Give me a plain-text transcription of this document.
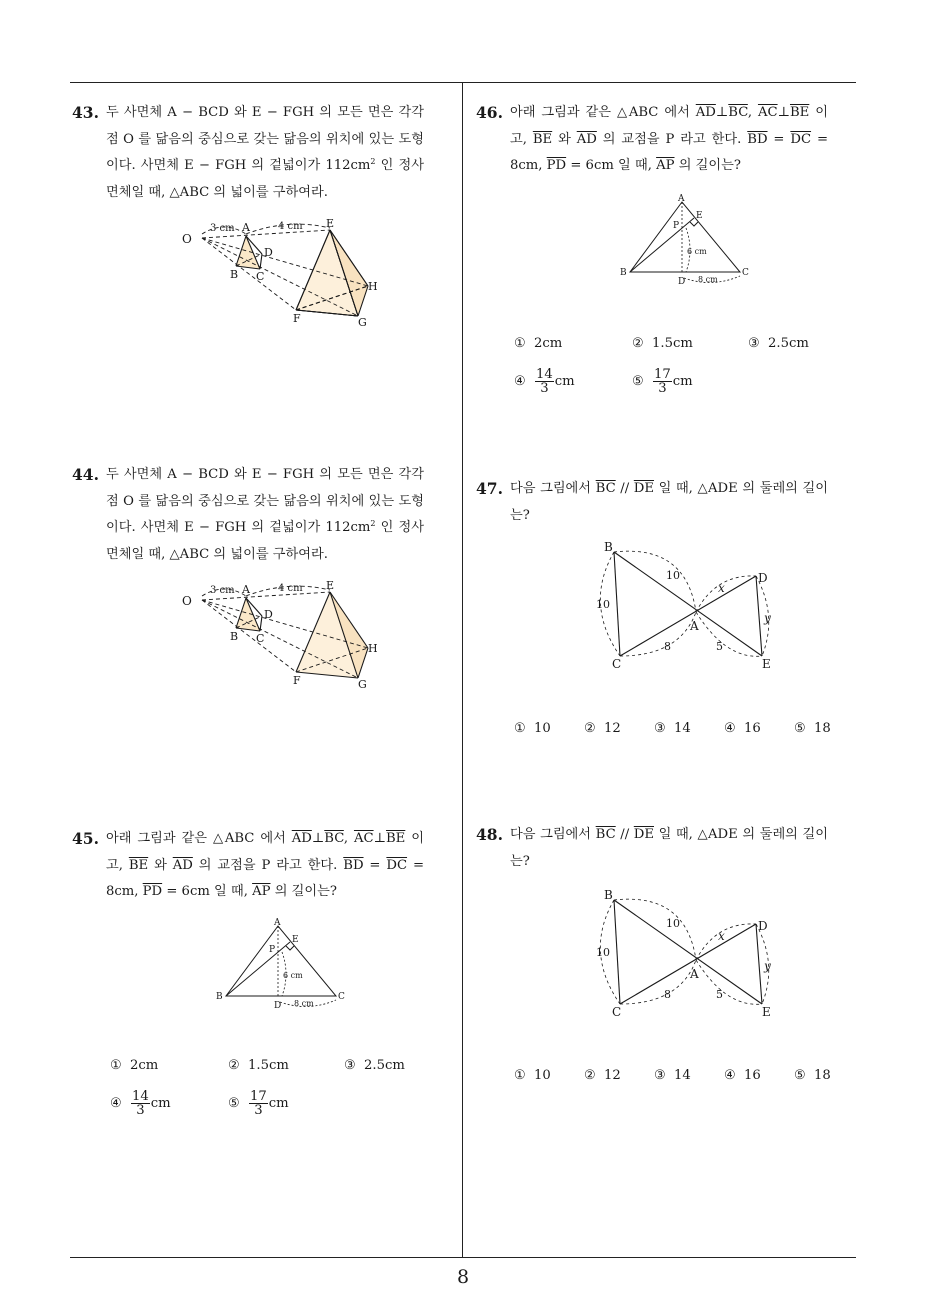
43. 두 사면체 A − BCD 와 E − FGH 의 모든 면은 각각 점 O 를 닮음의 중심으로 갖는 닮음의 위치에 있는 도형이다. 사면체 E − FGH 의 겉넓이가 $112cm^2$ 인 정사면체일 때, △ABC 의 넓이를 구하여라.
O
A
B C
D
E
F	G
H
3 cm	4 cm
44. 두 사면체 A − BCD 와 E − FGH 의 모든 면은 각각 점 O 를 닮음의 중심으로 갖는 닮음의 위치에 있는 도형이다. 사면체 E − FGH 의 겉넓이가 $112cm^2$ 인 정사면체일 때, △ABC 의 넓이를 구하여라.
O
A
B C
D
E
F	G
H
3 cm	4 cm
45. 아래 그림과 같은 △ABC 에서 $\overline{AD}\perp\overline{BC}$, $\overline{AC}\perp\overline{BE}$ 이고, $\overline{BE}$ 와 $\overline{AD}$ 의 교점을 P 라고 한다. $\overline{BD} = \overline{DC} = 8cm$, $\overline{PD} = 6cm$ 일 때, $\overline{AP}$ 의 길이는?
A
B	C
D
E
P
6 cm
8 cm
① 2cm	② 1.5cm	③ 2.5cm
④ $\frac{14}{3}$ cm	⑤ $\frac{17}{3}$ cm
46. 아래 그림과 같은 △ABC 에서 $\overline{AD}\perp\overline{BC}$, $\overline{AC}\perp\overline{BE}$ 이고, $\overline{BE}$ 와 $\overline{AD}$ 의 교점을 P 라고 한다. $\overline{BD} = \overline{DC} = 8cm$, $\overline{PD} = 6cm$ 일 때, $\overline{AP}$ 의 길이는?
A
B	C
D
E
P
6 cm
8 cm
① 2cm	② 1.5cm	③ 2.5cm
④ $\frac{14}{3}$ cm	⑤ $\frac{17}{3}$ cm
47. 다음 그림에서 $\overline{BC} // \overline{DE}$ 일 때, △ADE 의 둘레의 길이는?
B
C
D
E
A
10
10
8	5
x
y
① 10	② 12	③ 14	④ 16	⑤ 18
48. 다음 그림에서 $\overline{BC} // \overline{DE}$ 일 때, △ADE 의 둘레의 길이는?
B
C
D
E
A
10
10
8	5
x
y
① 10	② 12	③ 14	④ 16	⑤ 18
8
